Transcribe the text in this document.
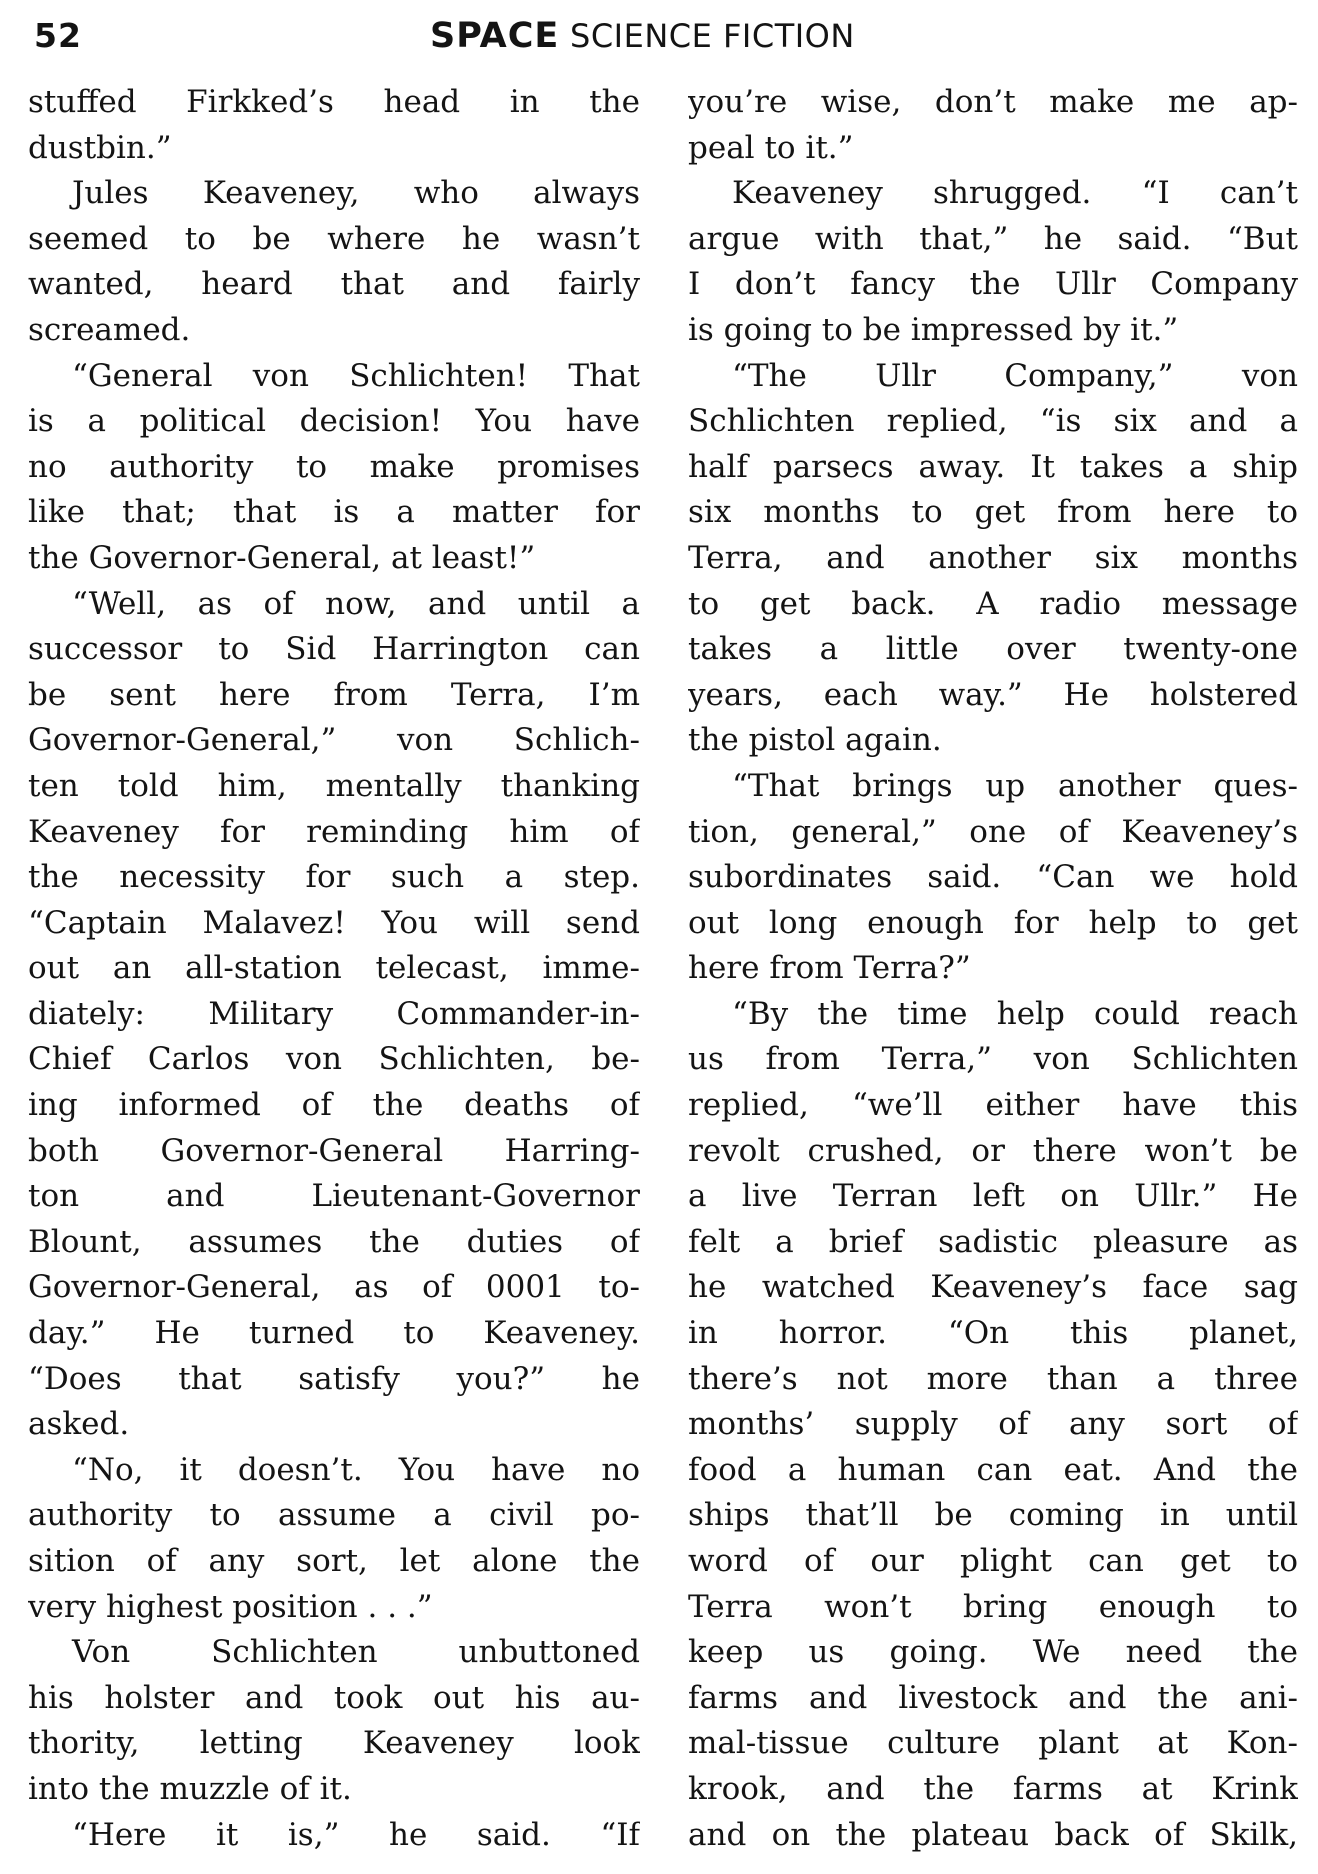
52	SPACE SCIENCE FICTION
stuffed Firkked’s head in the
dustbin.”
Jules Keaveney, who always
seemed to be where he wasn’t
wanted, heard that and fairly
screamed.
“General von Schlichten! That
is a political decision! You have
no authority to make promises
like that; that is a matter for
the Governor-General, at least!”
“Well, as of now, and until a
successor to Sid Harrington can
be sent here from Terra, I’m
Governor-General,” von Schlich-
ten told him, mentally thanking
Keaveney for reminding him of
the necessity for such a step.
“Captain Malavez! You will send
out an all-station telecast, imme-
diately: Military Commander-in-
Chief Carlos von Schlichten, be-
ing informed of the deaths of
both Governor-General Harring-
ton and Lieutenant-Governor
Blount, assumes the duties of
Governor-General, as of 0001 to-
day.” He turned to Keaveney.
“Does that satisfy you?” he
asked.
“No, it doesn’t. You have no
authority to assume a civil po-
sition of any sort, let alone the
very highest position . . .”
Von Schlichten unbuttoned
his holster and took out his au-
thority, letting Keaveney look
into the muzzle of it.
“Here it is,” he said. “If
you’re wise, don’t make me ap-
peal to it.”
Keaveney shrugged. “I can’t
argue with that,” he said. “But
I don’t fancy the Ullr Company
is going to be impressed by it.”
“The Ullr Company,” von
Schlichten replied, “is six and a
half parsecs away. It takes a ship
six months to get from here to
Terra, and another six months
to get back. A radio message
takes a little over twenty-one
years, each way.” He holstered
the pistol again.
“That brings up another ques-
tion, general,” one of Keaveney’s
subordinates said. “Can we hold
out long enough for help to get
here from Terra?”
“By the time help could reach
us from Terra,” von Schlichten
replied, “we’ll either have this
revolt crushed, or there won’t be
a live Terran left on Ullr.” He
felt a brief sadistic pleasure as
he watched Keaveney’s face sag
in horror. “On this planet,
there’s not more than a three
months’ supply of any sort of
food a human can eat. And the
ships that’ll be coming in until
word of our plight can get to
Terra won’t bring enough to
keep us going. We need the
farms and livestock and the ani-
mal-tissue culture plant at Kon-
krook, and the farms at Krink
and on the plateau back of Skilk,
